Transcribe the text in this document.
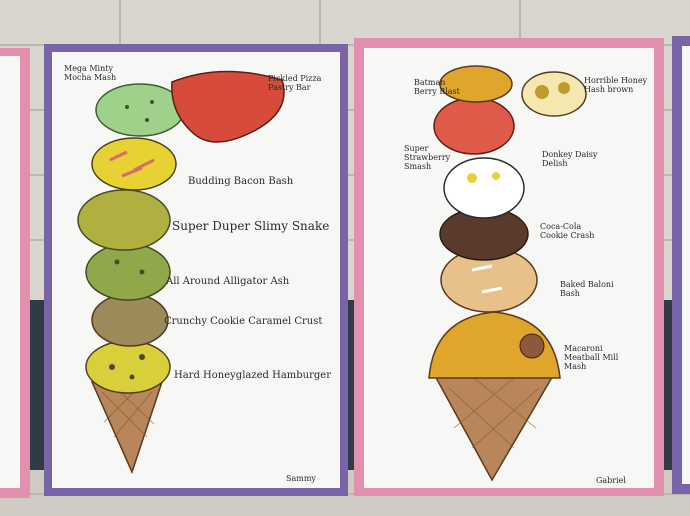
Mega Minty Mocha Mash	Pickled Pizza Pastry Bar
Budding Bacon Bash
Super Duper Slimy Snake
All Around Alligator Ash
Crunchy Cookie Caramel Crust
Hard Honeyglazed Hamburger
Sammy
Batman Berry Blast
Horrible Honey Hash brown
Super Strawberry Smash
Donkey Daisy Delish
Coca-Cola Cookie Crash
Baked Baloni Bash
Macaroni Meatball Mill Mash
Gabriel
